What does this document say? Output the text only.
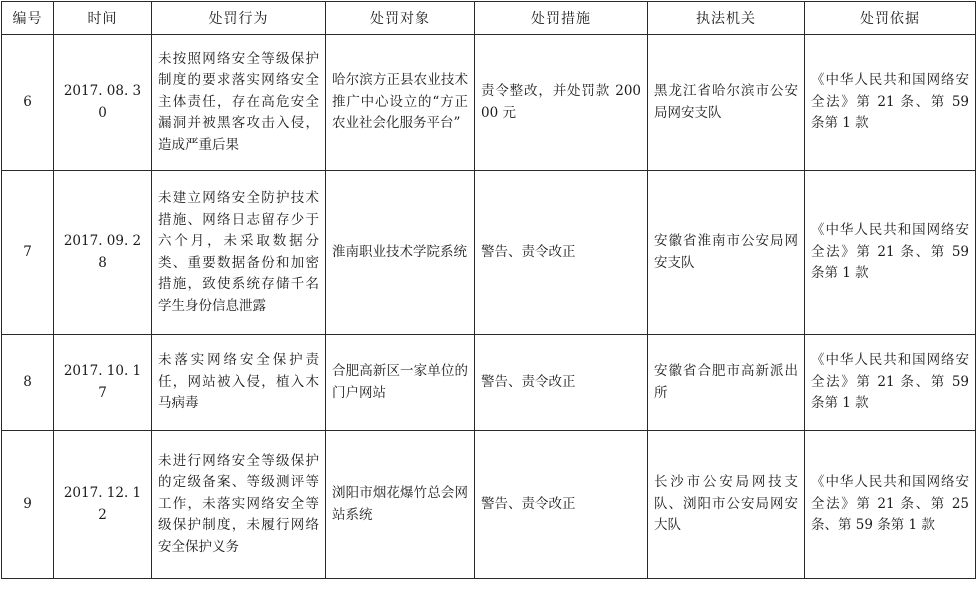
编号	时间	处罚行为	处罚对象	处罚措施	执法机关	处罚依据
6	2017. 08. 30	未按照网络安全等级保护制度的要求落实网络安全主体责任，存在高危安全漏洞并被黑客攻击入侵，造成严重后果	哈尔滨方正县农业技术推广中心设立的“方正农业社会化服务平台”	责令整改，并处罚款 20000 元	黑龙江省哈尔滨市公安局网安支队	《中华人民共和国网络安全法》第 21 条、第 59 条第 1 款
7	2017. 09. 28	未建立网络安全防护技术措施、网络日志留存少于六个月，未采取数据分类、重要数据备份和加密措施，致使系统存储千名学生身份信息泄露	淮南职业技术学院系统	警告、责令改正	安徽省淮南市公安局网安支队	《中华人民共和国网络安全法》第 21 条、第 59 条第 1 款
8	2017. 10. 17	未落实网络安全保护责任，网站被入侵，植入木马病毒	合肥高新区一家单位的门户网站	警告、责令改正	安徽省合肥市高新派出所	《中华人民共和国网络安全法》第 21 条、第 59 条第 1 款
9	2017. 12. 12	未进行网络安全等级保护的定级备案、等级测评等工作，未落实网络安全等级保护制度，未履行网络安全保护义务	浏阳市烟花爆竹总会网站系统	警告、责令改正	长沙市公安局网技支队、浏阳市公安局网安大队	《中华人民共和国网络安全法》第 21 条、第 25 条、第 59 条第 1 款
